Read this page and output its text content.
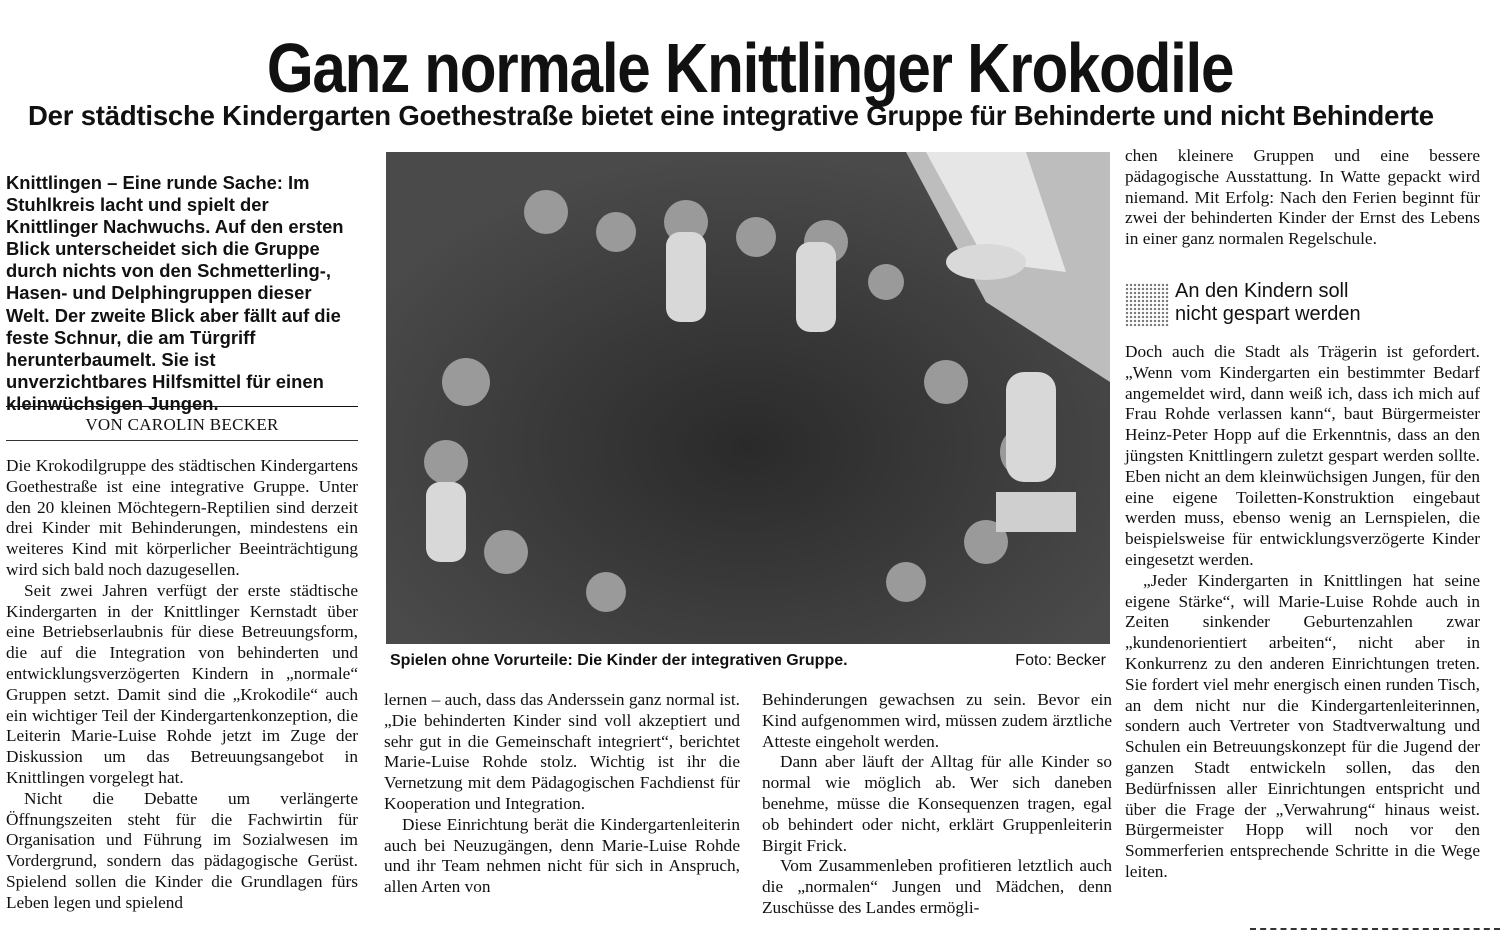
Ganz normale Knittlinger Krokodile
Der städtische Kindergarten Goethestraße bietet eine integrative Gruppe für Behinderte und nicht Behinderte
Knittlingen – Eine runde Sache: Im Stuhlkreis lacht und spielt der Knittlinger Nachwuchs. Auf den ersten Blick unterscheidet sich die Gruppe durch nichts von den Schmetterling-, Hasen- und Delphingruppen dieser Welt. Der zweite Blick aber fällt auf die feste Schnur, die am Türgriff herunterbaumelt. Sie ist unverzichtbares Hilfsmittel für einen kleinwüchsigen Jungen.
VON CAROLIN BECKER

Die Krokodilgruppe des städtischen Kindergartens Goethestraße ist eine integrative Gruppe. Unter den 20 kleinen Möchtegern-Reptilien sind derzeit drei Kinder mit Behinderungen, mindestens ein weiteres Kind mit körperlicher Beeinträchtigung wird sich bald noch dazugesellen.

Seit zwei Jahren verfügt der erste städtische Kindergarten in der Knittlinger Kernstadt über eine Betriebserlaubnis für diese Betreuungsform, die auf die Integration von behinderten und entwicklungsverzögerten Kindern in „normale“ Gruppen setzt. Damit sind die „Krokodile“ auch ein wichtiger Teil der Kindergartenkonzeption, die Leiterin Marie-Luise Rohde jetzt im Zuge der Diskussion um das Betreuungsangebot in Knittlingen vorgelegt hat.

Nicht die Debatte um verlängerte Öffnungszeiten steht für die Fachwirtin für Organisation und Führung im Sozialwesen im Vordergrund, sondern das pädagogische Gerüst. Spielend sollen die Kinder die Grundlagen fürs Leben legen und spielend

Spielen ohne Vorurteile: Die Kinder der integrativen Gruppe.	Foto: Becker

lernen – auch, dass das Anderssein ganz normal ist. „Die behinderten Kinder sind voll akzeptiert und sehr gut in die Gemeinschaft integriert“, berichtet Marie-Luise Rohde stolz. Wichtig ist ihr die Vernetzung mit dem Pädagogischen Fachdienst für Kooperation und Integration.

Diese Einrichtung berät die Kindergartenleiterin auch bei Neuzugängen, denn Marie-Luise Rohde und ihr Team nehmen nicht für sich in Anspruch, allen Arten von

Behinderungen gewachsen zu sein. Bevor ein Kind aufgenommen wird, müssen zudem ärztliche Atteste eingeholt werden.

Dann aber läuft der Alltag für alle Kinder so normal wie möglich ab. Wer sich daneben benehme, müsse die Konsequenzen tragen, egal ob behindert oder nicht, erklärt Gruppenleiterin Birgit Frick.

Vom Zusammenleben profitieren letztlich auch die „normalen“ Jungen und Mädchen, denn Zuschüsse des Landes ermögli-

chen kleinere Gruppen und eine bessere pädagogische Ausstattung. In Watte gepackt wird niemand. Mit Erfolg: Nach den Ferien beginnt für zwei der behinderten Kinder der Ernst des Lebens in einer ganz normalen Regelschule.

An den Kindern soll nicht gespart werden

Doch auch die Stadt als Trägerin ist gefordert. „Wenn vom Kindergarten ein bestimmter Bedarf angemeldet wird, dann weiß ich, dass ich mich auf Frau Rohde verlassen kann“, baut Bürgermeister Heinz-Peter Hopp auf die Erkenntnis, dass an den jüngsten Knittlingern zuletzt gespart werden sollte. Eben nicht an dem kleinwüchsigen Jungen, für den eine eigene Toiletten-Konstruktion eingebaut werden muss, ebenso wenig an Lernspielen, die beispielsweise für entwicklungsverzögerte Kinder eingesetzt werden.

„Jeder Kindergarten in Knittlingen hat seine eigene Stärke“, will Marie-Luise Rohde auch in Zeiten sinkender Geburtenzahlen zwar „kundenorientiert arbeiten“, nicht aber in Konkurrenz zu den anderen Einrichtungen treten. Sie fordert viel mehr energisch einen runden Tisch, an dem nicht nur die Kindergartenleiterinnen, sondern auch Vertreter von Stadtverwaltung und Schulen ein Betreuungskonzept für die Jugend der ganzen Stadt entwickeln sollen, das den Bedürfnissen aller Einrichtungen entspricht und über die Frage der „Verwahrung“ hinaus weist. Bürgermeister Hopp will noch vor den Sommerferien entsprechende Schritte in die Wege leiten.
